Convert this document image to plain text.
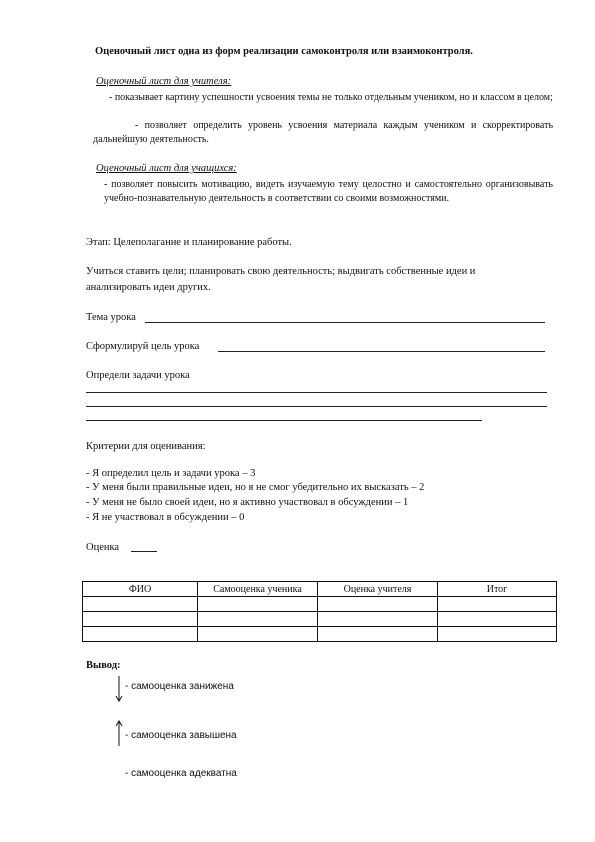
Оценочный лист одна из форм реализации самоконтроля или взаимоконтроля.
Оценочный лист для учителя:
- показывает картину успешности усвоения темы не только отдельным учеником, но и классом в целом;
- позволяет определить уровень усвоения материала каждым учеником и скорректировать дальнейшую деятельность.
Оценочный лист для учащихся:
- позволяет повысить мотивацию, видеть изучаемую тему целостно и самостоятельно организовывать учебно-познавательную деятельность в соответствии со своими возможностями.
Этап: Целеполагание и планирование работы.
Учиться ставить цели; планировать свою деятельность; выдвигать собственные идеи и
анализировать идеи других.
Тема урока
Сформулируй цель урока
Определи задачи урока
Критерии для оценивания:
- Я определил цель и задачи урока – 3
- У меня были правильные идеи, но я не смог убедительно их высказать – 2
- У меня не было своей идеи, но я активно участвовал в обсуждении – 1
- Я не участвовал в обсуждении – 0
Оценка
ФИО	Самооценка ученика	Оценка учителя	Итог

Вывод:
- самооценка занижена
- самооценка завышена
- самооценка адекватна
